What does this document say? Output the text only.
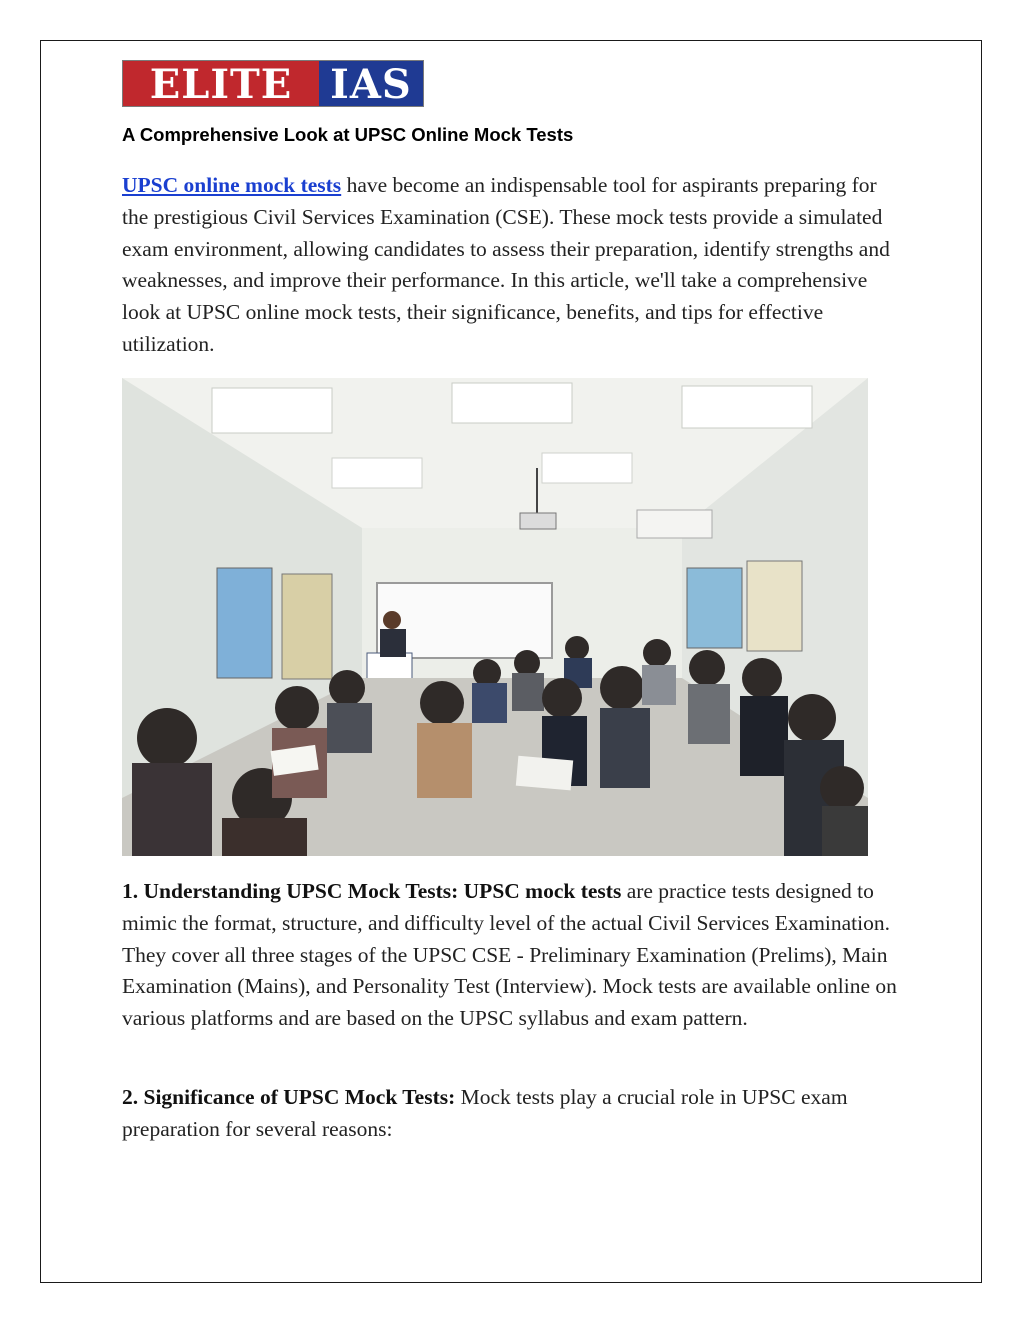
ELITE IAS
A Comprehensive Look at UPSC Online Mock Tests

UPSC online mock tests have become an indispensable tool for aspirants preparing for the prestigious Civil Services Examination (CSE). These mock tests provide a simulated exam environment, allowing candidates to assess their preparation, identify strengths and weaknesses, and improve their performance. In this article, we'll take a comprehensive look at UPSC online mock tests, their significance, benefits, and tips for effective utilization.

1. Understanding UPSC Mock Tests: UPSC mock tests are practice tests designed to mimic the format, structure, and difficulty level of the actual Civil Services Examination. They cover all three stages of the UPSC CSE - Preliminary Examination (Prelims), Main Examination (Mains), and Personality Test (Interview). Mock tests are available online on various platforms and are based on the UPSC syllabus and exam pattern.

2. Significance of UPSC Mock Tests: Mock tests play a crucial role in UPSC exam preparation for several reasons:
